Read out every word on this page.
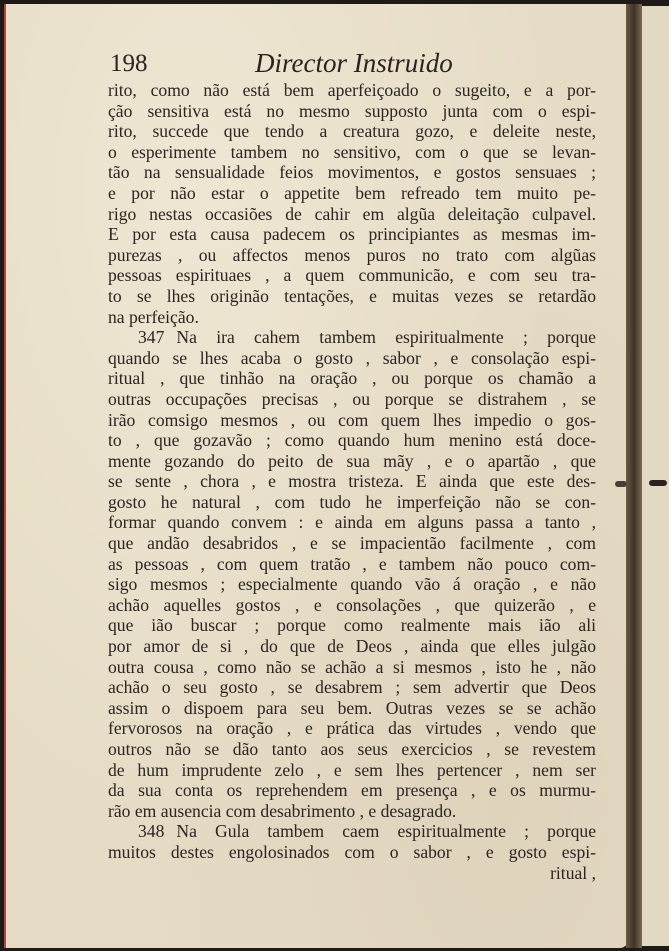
198	Director Instruido
rito, como não está bem aperfeiçoado o sugeito, e a por-
ção sensitiva está no mesmo supposto junta com o espi-
rito, succede que tendo a creatura gozo, e deleite neste,
o esperimente tambem no sensitivo, com o que se levan-
tão na sensualidade feios movimentos, e gostos sensuaes ;
e por não estar o appetite bem refreado tem muito pe-
rigo nestas occasiões de cahir em algũa deleitação culpavel.
E por esta causa padecem os principiantes as mesmas im-
purezas , ou affectos menos puros no trato com algũas
pessoas espirituaes , a quem communicão, e com seu tra-
to se lhes originão tentações, e muitas vezes se retardão
na perfeição.
347 Na ira cahem tambem espiritualmente ; porque
quando se lhes acaba o gosto , sabor , e consolação espi-
ritual , que tinhão na oração , ou porque os chamão a
outras occupações precisas , ou porque se distrahem , se
irão comsigo mesmos , ou com quem lhes impedio o gos-
to , que gozavão ; como quando hum menino está doce-
mente gozando do peito de sua mãy , e o apartão , que
se sente , chora , e mostra tristeza. E ainda que este des-
gosto he natural , com tudo he imperfeição não se con-
formar quando convem : e ainda em alguns passa a tanto ,
que andão desabridos , e se impacientão facilmente , com
as pessoas , com quem tratão , e tambem não pouco com-
sigo mesmos ; especialmente quando vão á oração , e não
achão aquelles gostos , e consolações , que quizerão , e
que ião buscar ; porque como realmente mais ião ali
por amor de si , do que de Deos , ainda que elles julgão
outra cousa , como não se achão a si mesmos , isto he , não
achão o seu gosto , se desabrem ; sem advertir que Deos
assim o dispoem para seu bem. Outras vezes se se achão
fervorosos na oração , e prática das virtudes , vendo que
outros não se dão tanto aos seus exercicios , se revestem
de hum imprudente zelo , e sem lhes pertencer , nem ser
da sua conta os reprehendem em presença , e os murmu-
rão em ausencia com desabrimento , e desagrado.
348 Na Gula tambem caem espiritualmente ; porque
muitos destes engolosinados com o sabor , e gosto espi-
ritual ,
